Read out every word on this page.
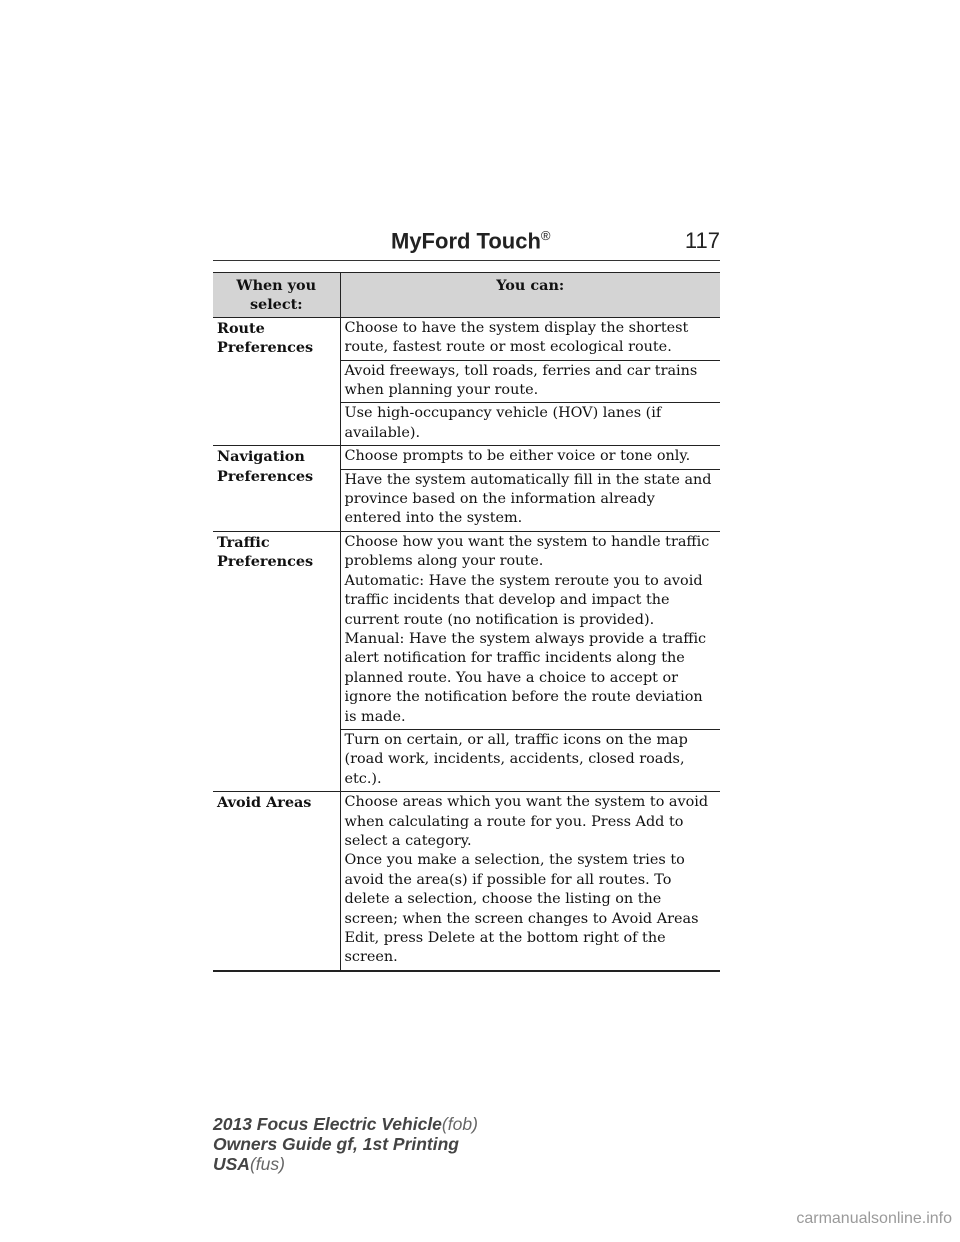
MyFord Touch®	117
When you select:	You can:
Route Preferences	Choose to have the system display the shortest route, fastest route or most ecological route.
	Avoid freeways, toll roads, ferries and car trains when planning your route.
	Use high-occupancy vehicle (HOV) lanes (if available).
Navigation Preferences	Choose prompts to be either voice or tone only.
	Have the system automatically fill in the state and province based on the information already entered into the system.
Traffic Preferences	Choose how you want the system to handle traffic problems along your route.
Automatic: Have the system reroute you to avoid traffic incidents that develop and impact the current route (no notification is provided).
Manual: Have the system always provide a traffic alert notification for traffic incidents along the planned route. You have a choice to accept or ignore the notification before the route deviation is made.
	Turn on certain, or all, traffic icons on the map (road work, incidents, accidents, closed roads, etc.).
Avoid Areas	Choose areas which you want the system to avoid when calculating a route for you. Press Add to select a category.
Once you make a selection, the system tries to avoid the area(s) if possible for all routes. To delete a selection, choose the listing on the screen; when the screen changes to Avoid Areas Edit, press Delete at the bottom right of the screen.
2013 Focus Electric Vehicle(fob)
Owners Guide gf, 1st Printing
USA(fus)
carmanualsonline.info
